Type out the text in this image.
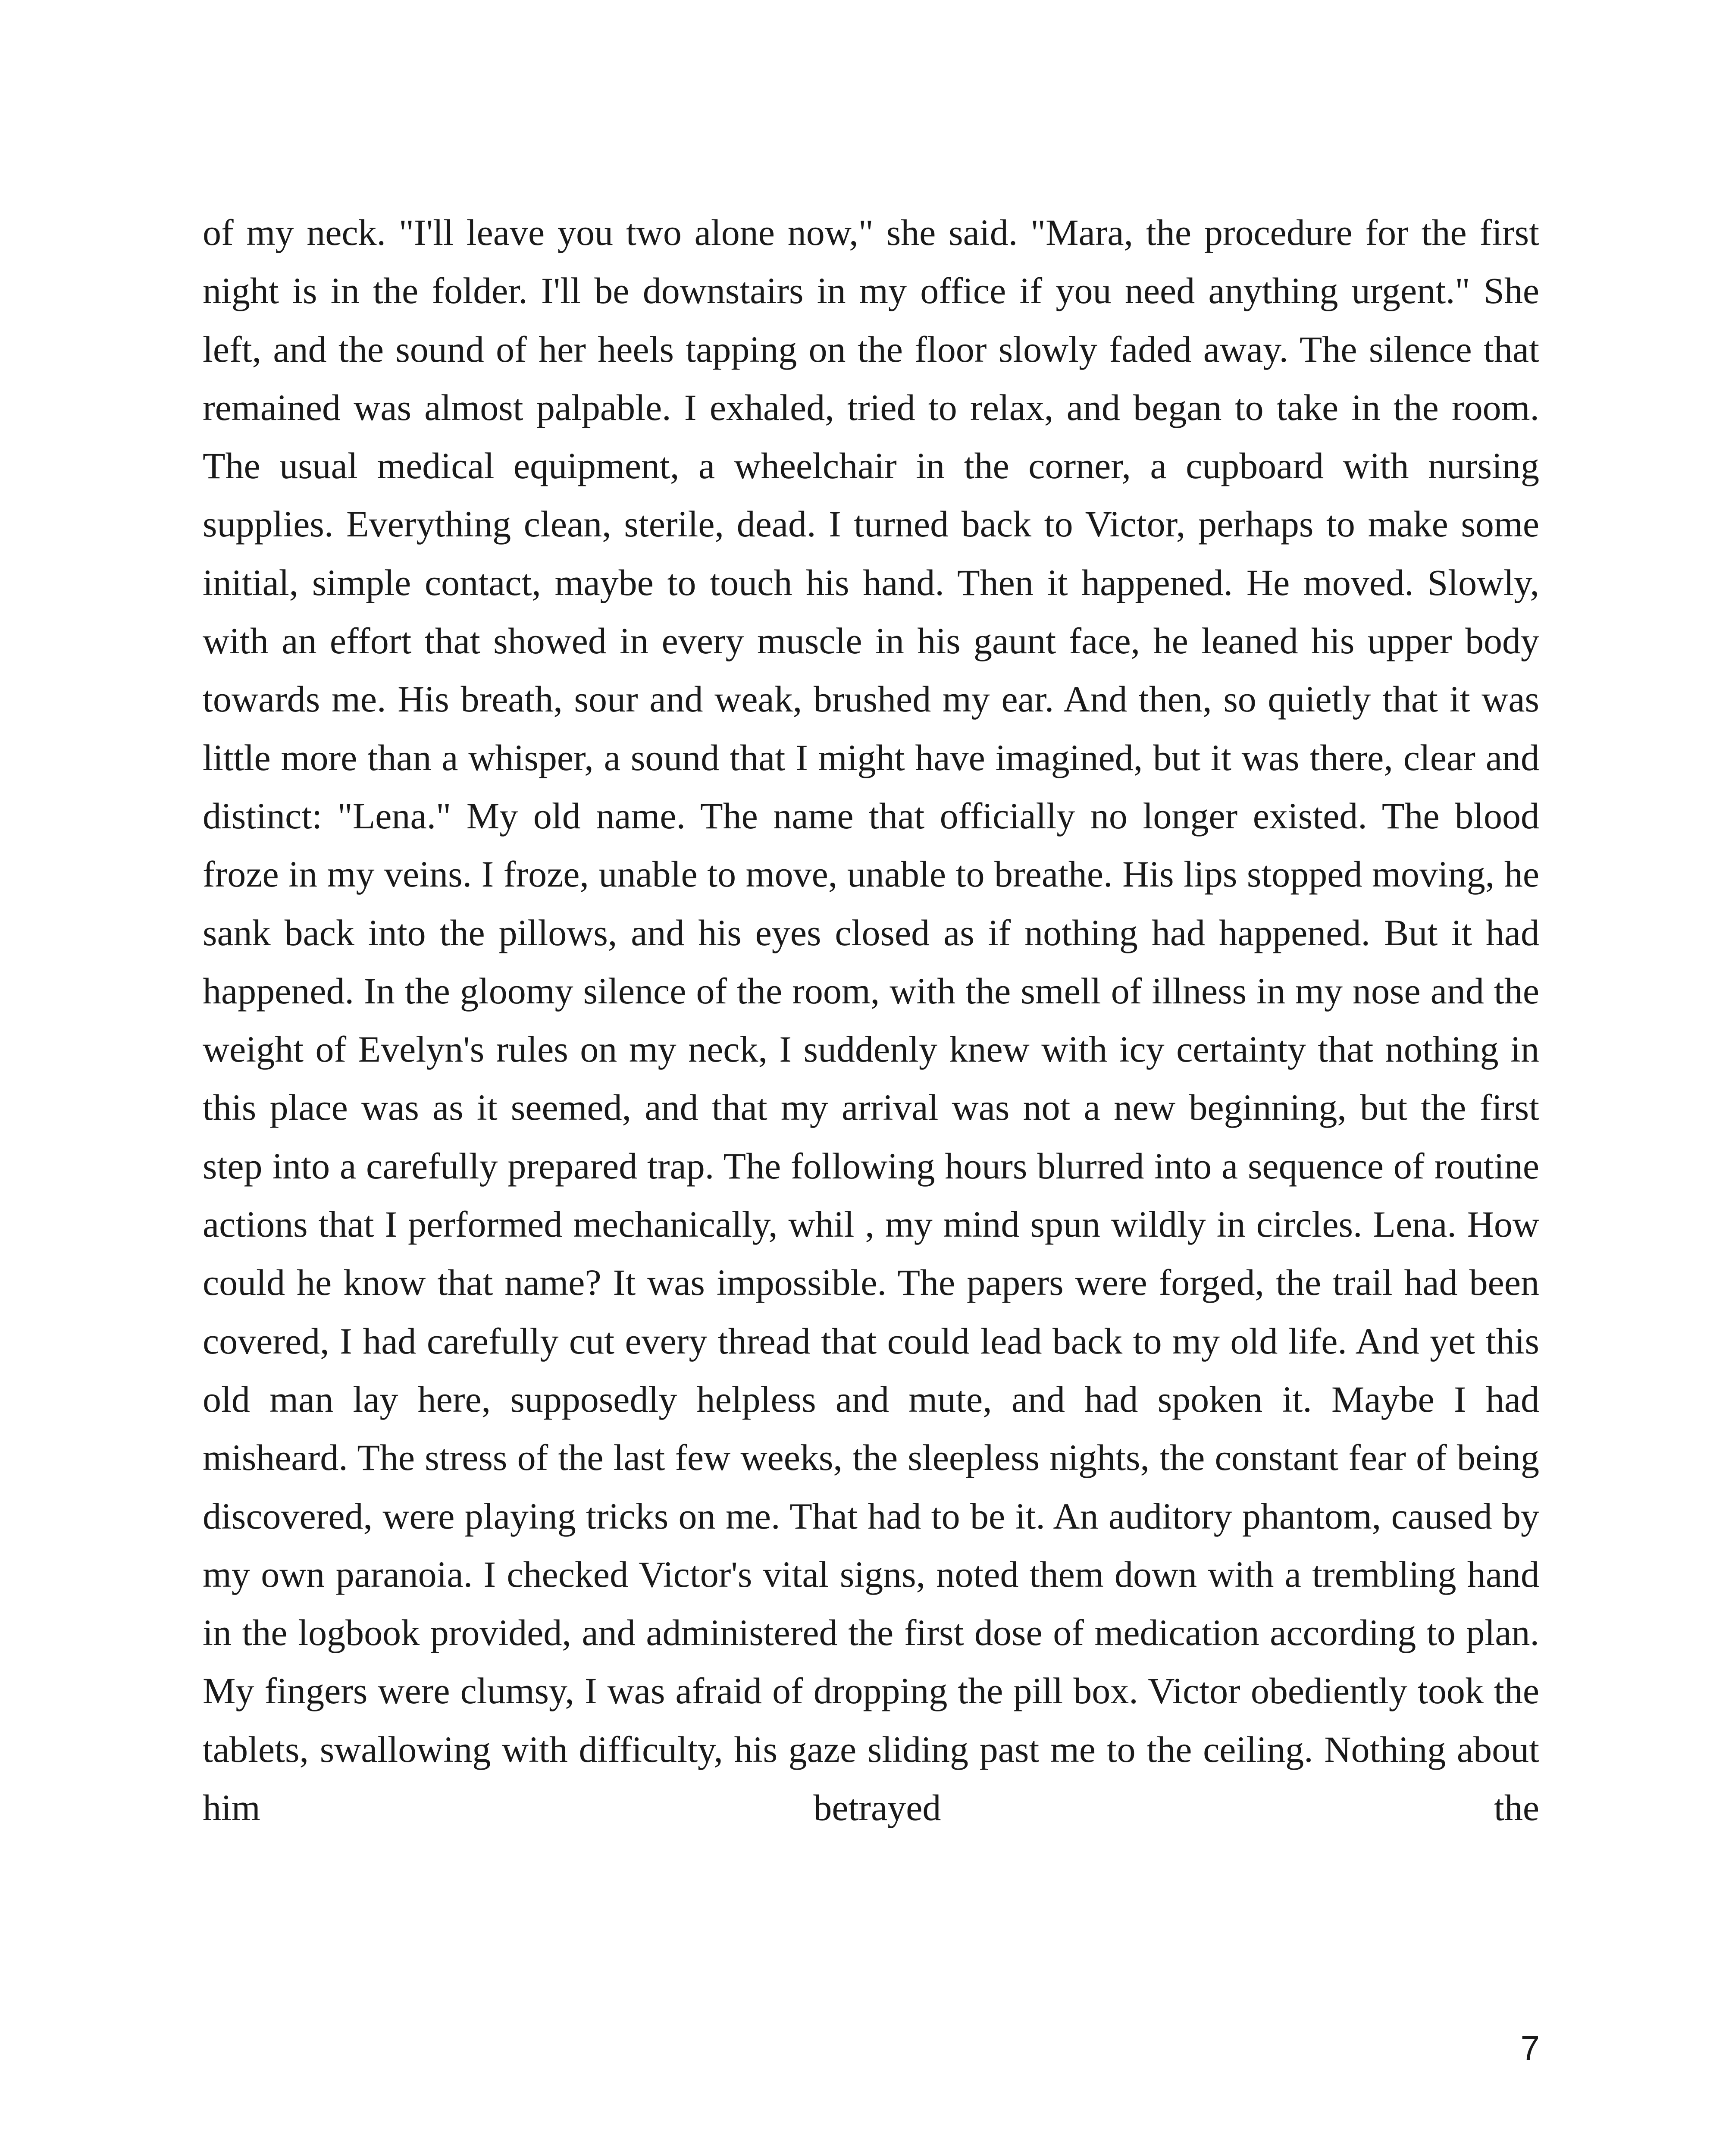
of my neck. "I'll leave you two alone now," she said. "Mara, the procedure for the first night is in the folder. I'll be downstairs in my office if you need anything urgent." She left, and the sound of her heels tapping on the floor slowly faded away. The silence that remained was almost palpable. I exhaled, tried to relax, and began to take in the room. The usual medical equipment, a wheelchair in the corner, a cupboard with nursing supplies. Everything clean, sterile, dead. I turned back to Victor, perhaps to make some initial, simple contact, maybe to touch his hand. Then it happened. He moved. Slowly, with an effort that showed in every muscle in his gaunt face, he leaned his upper body towards me. His breath, sour and weak, brushed my ear. And then, so quietly that it was little more than a whisper, a sound that I might have imagined, but it was there, clear and distinct: "Lena." My old name. The name that officially no longer existed. The blood froze in my veins. I froze, unable to move, unable to breathe. His lips stopped moving, he sank back into the pillows, and his eyes closed as if nothing had happened. But it had happened. In the gloomy silence of the room, with the smell of illness in my nose and the weight of Evelyn's rules on my neck, I suddenly knew with icy certainty that nothing in this place was as it seemed, and that my arrival was not a new beginning, but the first step into a carefully prepared trap. The following hours blurred into a sequence of routine actions that I performed mechanically, whil , my mind spun wildly in circles. Lena. How could he know that name? It was impossible. The papers were forged, the trail had been covered, I had carefully cut every thread that could lead back to my old life. And yet this old man lay here, supposedly helpless and mute, and had spoken it. Maybe I had misheard. The stress of the last few weeks, the sleepless nights, the constant fear of being discovered, were playing tricks on me. That had to be it. An auditory phantom, caused by my own paranoia. I checked Victor's vital signs, noted them down with a trembling hand in the logbook provided, and administered the first dose of medication according to plan. My fingers were clumsy, I was afraid of dropping the pill box. Victor obediently took the tablets, swallowing with difficulty, his gaze sliding past me to the ceiling. Nothing about him betrayed the

7
